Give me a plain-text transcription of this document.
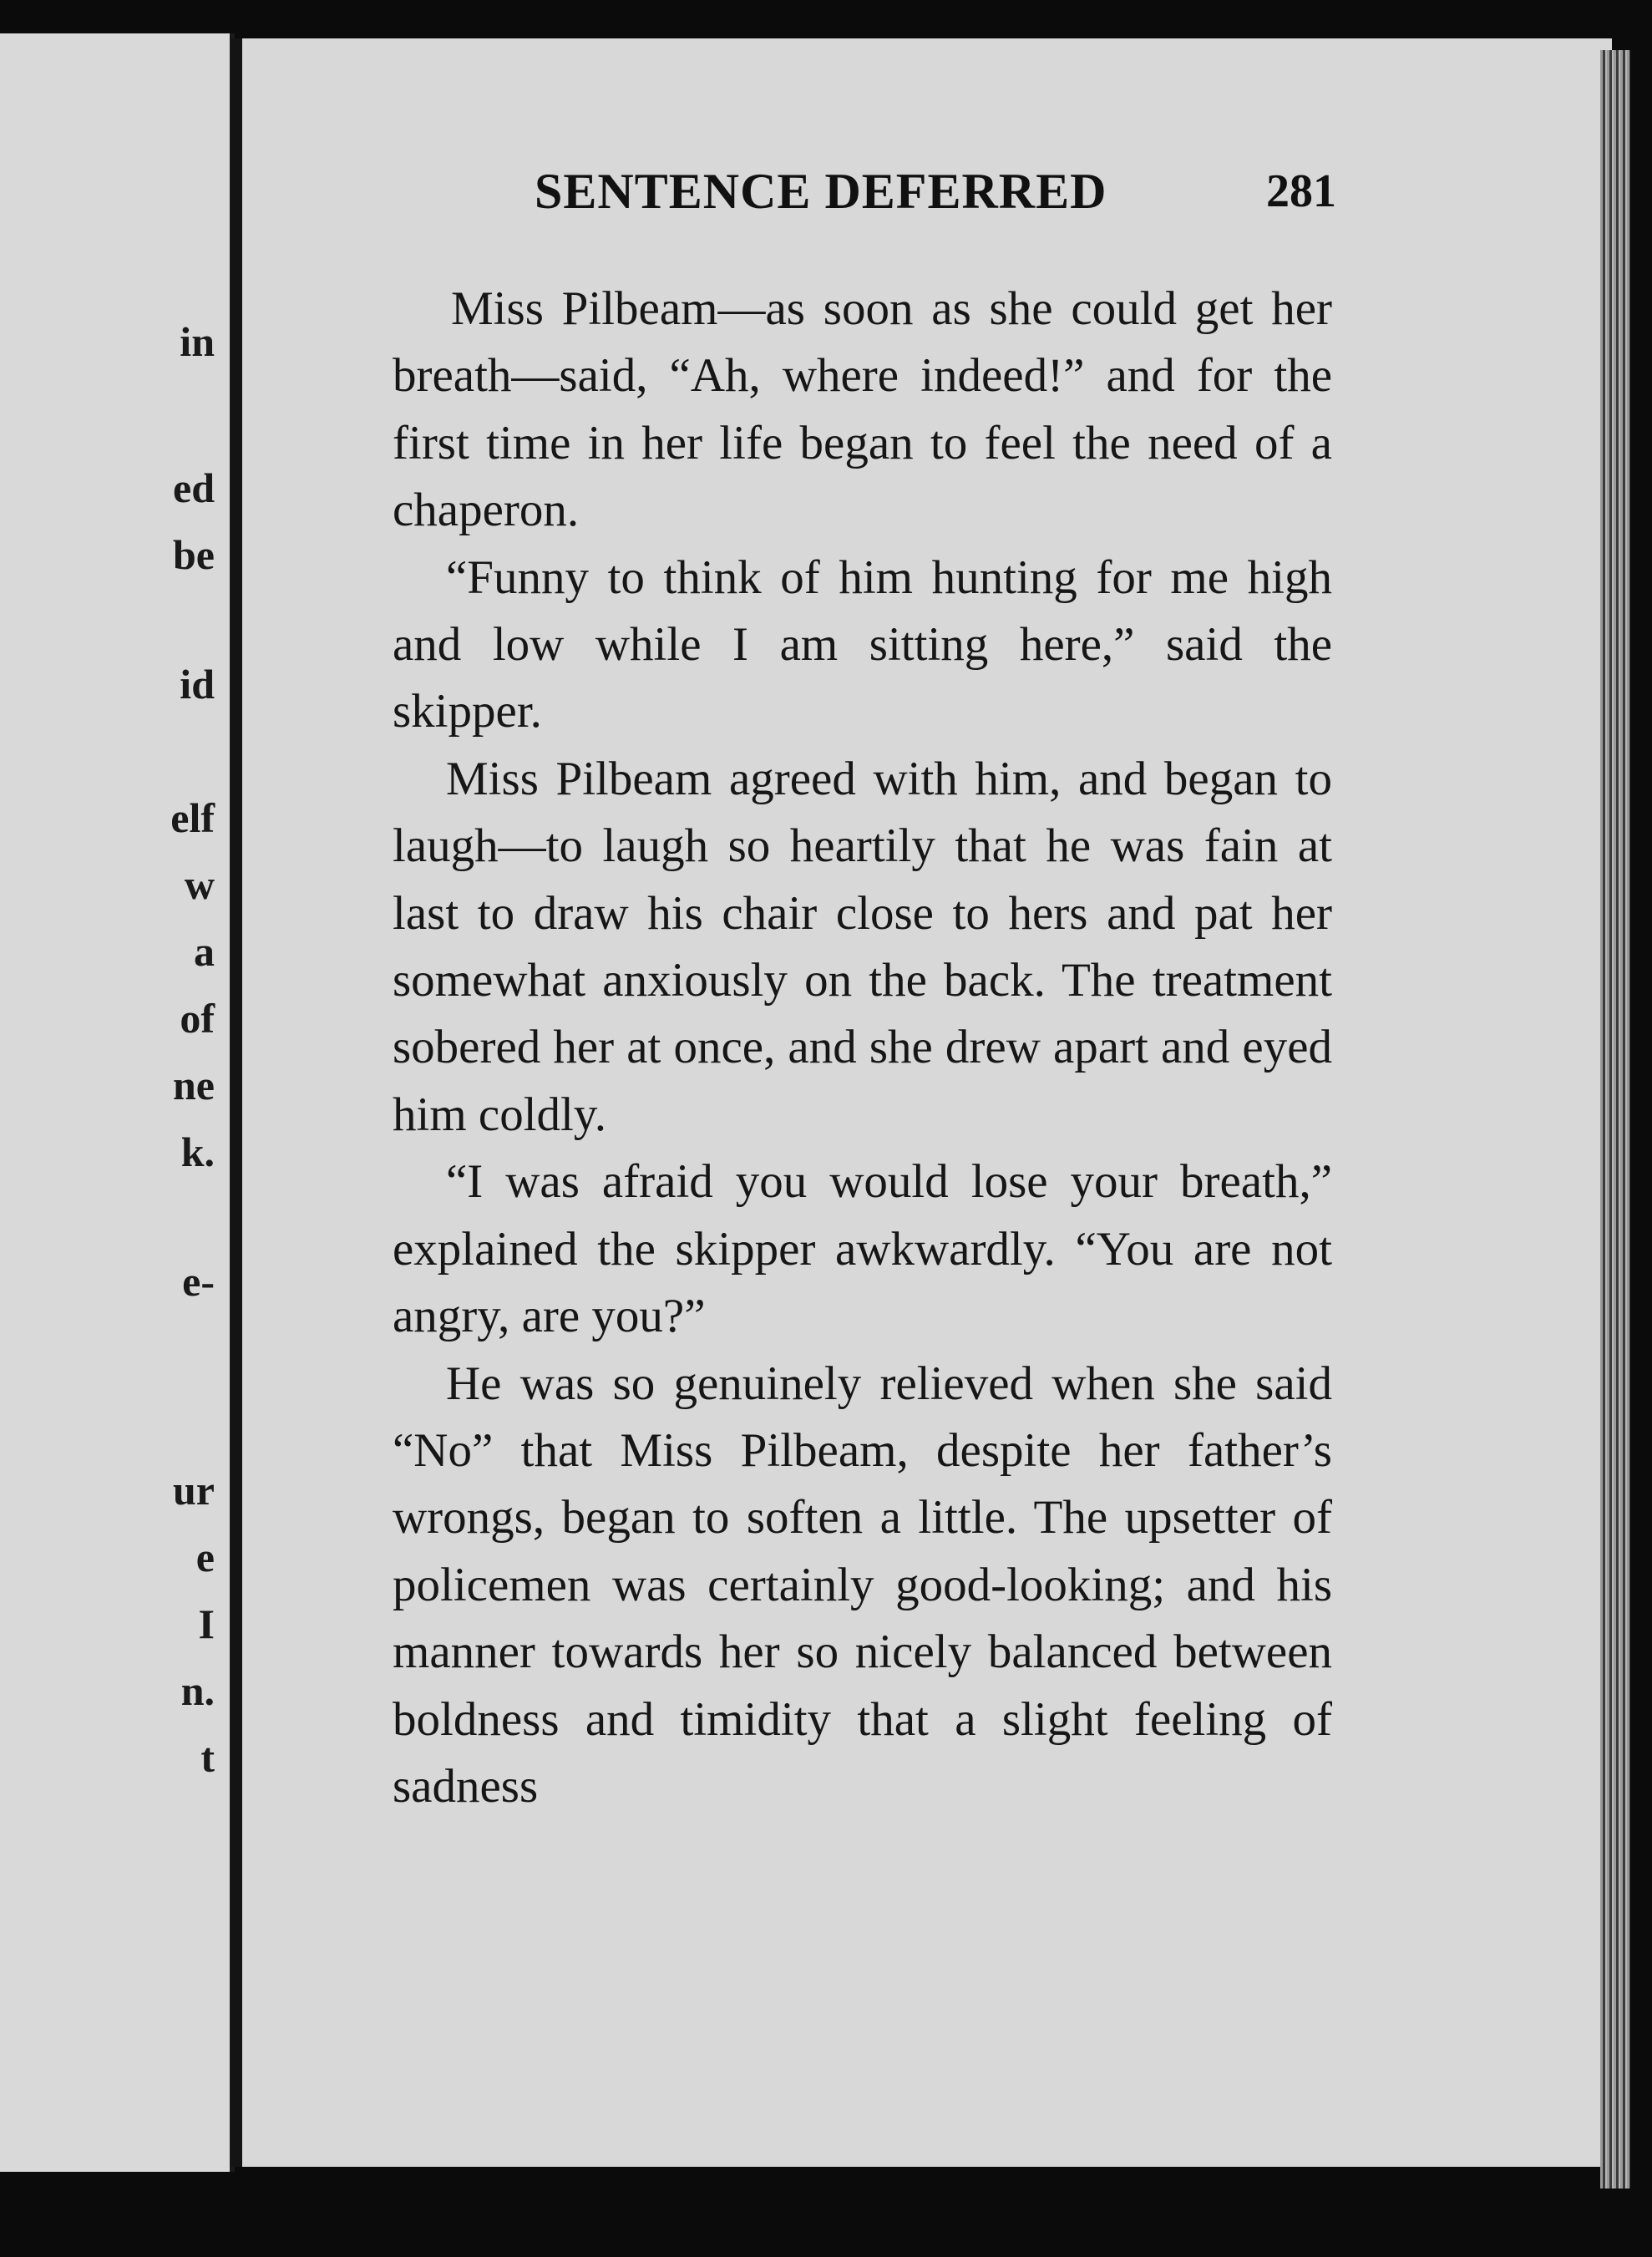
in
ed
be
id
elf
w
a
of
ne
k.
e-
ur
e
I
n.
t
SENTENCE DEFERRED	281

Miss Pilbeam—as soon as she could get her breath—said, “Ah, where indeed!” and for the first time in her life began to feel the need of a chaperon.

“Funny to think of him hunting for me high and low while I am sitting here,” said the skipper.

Miss Pilbeam agreed with him, and began to laugh—to laugh so heartily that he was fain at last to draw his chair close to hers and pat her somewhat anxiously on the back. The treatment sobered her at once, and she drew apart and eyed him coldly.

“I was afraid you would lose your breath,” explained the skipper awkwardly. “You are not angry, are you?”

He was so genuinely relieved when she said “No” that Miss Pilbeam, despite her father’s wrongs, began to soften a little. The upsetter of policemen was certainly good-looking; and his manner towards her so nicely balanced between boldness and timidity that a slight feeling of sadness
